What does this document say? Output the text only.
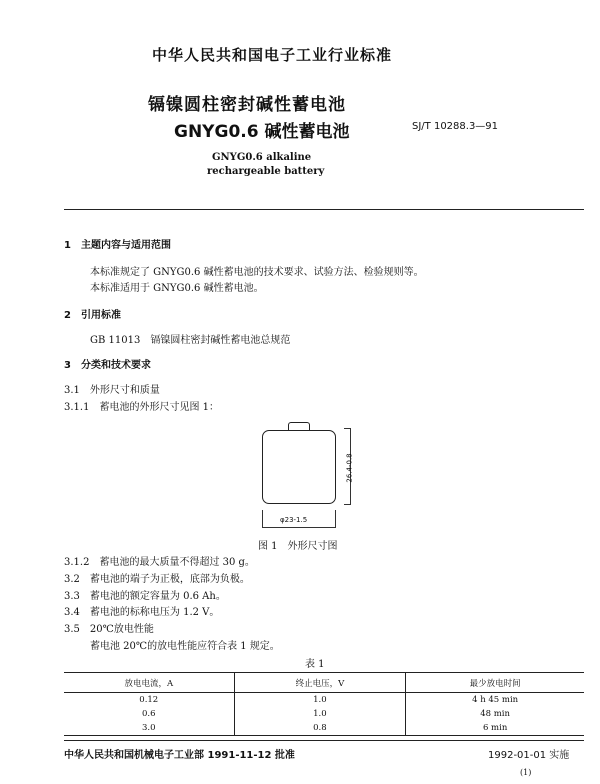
中华人民共和国电子工业行业标准
镉镍圆柱密封碱性蓄电池
GNYG0.6 碱性蓄电池	SJ/T 10288.3—91
GNYG0.6 alkaline
rechargeable battery
1　主题内容与适用范围
本标准规定了 GNYG0.6 碱性蓄电池的技术要求、试验方法、检验规则等。
本标准适用于 GNYG0.6 碱性蓄电池。
2　引用标准
GB 11013　镉镍圆柱密封碱性蓄电池总规范
3　分类和技术要求
3.1　外形尺寸和质量
3.1.1　蓄电池的外形尺寸见图 1：
26.4-0.8
φ23-1.5
图 1　外形尺寸图
3.1.2　蓄电池的最大质量不得超过 30 g。
3.2　蓄电池的端子为正极，底部为负极。
3.3　蓄电池的额定容量为 0.6 Ah。
3.4　蓄电池的标称电压为 1.2 V。
3.5　20℃放电性能
蓄电池 20℃的放电性能应符合表 1 规定。
表 1
放电电流，A	终止电压，V	最少放电时间
0.12	1.0	4 h 45 min
0.6	1.0	48 min
3.0	0.8	6 min
中华人民共和国机械电子工业部 1991-11-12 批准	1992-01-01 实施
(1)
